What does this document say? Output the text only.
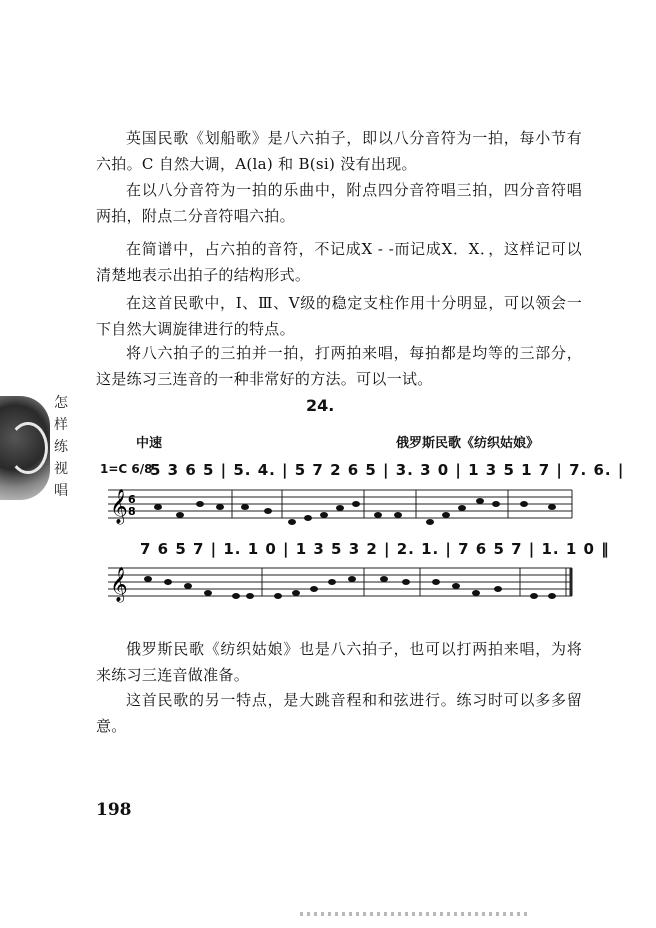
英国民歌《划船歌》是八六拍子，即以八分音符为一拍，每小节有六拍。C 自然大调，A(la) 和 B(si) 没有出现。

在以八分音符为一拍的乐曲中，附点四分音符唱三拍，四分音符唱两拍，附点二分音符唱六拍。

在简谱中，占六拍的音符，不记成X - -而记成X．X．，这样记可以清楚地表示出拍子的结构形式。

在这首民歌中，Ⅰ、Ⅲ、Ⅴ级的稳定支柱作用十分明显，可以领会一下自然大调旋律进行的特点。

将八六拍子的三拍并一拍，打两拍来唱，每拍都是均等的三部分，这是练习三连音的一种非常好的方法。可以一试。

怎
样
练
视
唱
24.
中速	俄罗斯民歌《纺织姑娘》
1=C 6/8
5 3 6 5 | 5. 4. | 5 7 2 6 5 | 3. 3 0 | 1 3 5 1 7 | 7. 6. |
7 6 5 7 | 1. 1 0 | 1 3 5 3 2 | 2. 1. | 7 6 5 7 | 1. 1 0 ‖
𝄞 6
8
𝄞

俄罗斯民歌《纺织姑娘》也是八六拍子，也可以打两拍来唱，为将来练习三连音做准备。

这首民歌的另一特点，是大跳音程和和弦进行。练习时可以多多留意。

198
